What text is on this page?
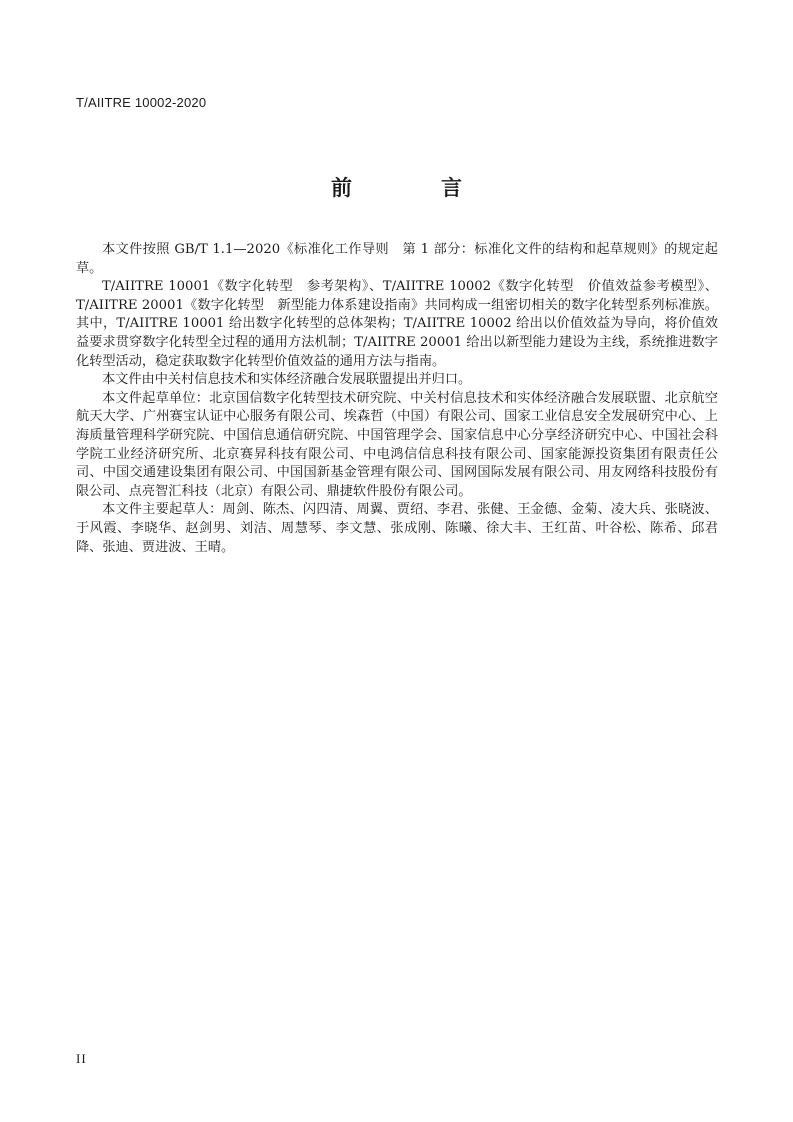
T/AIITRE 10002-2020
前　言

本文件按照 GB/T 1.1—2020《标准化工作导则　第 1 部分：标准化文件的结构和起草规则》的规定起草。

T/AIITRE 10001《数字化转型　参考架构》、T/AIITRE 10002《数字化转型　价值效益参考模型》、T/AIITRE 20001《数字化转型　新型能力体系建设指南》共同构成一组密切相关的数字化转型系列标准族。其中，T/AIITRE 10001 给出数字化转型的总体架构；T/AIITRE 10002 给出以价值效益为导向，将价值效益要求贯穿数字化转型全过程的通用方法机制；T/AIITRE 20001 给出以新型能力建设为主线，系统推进数字化转型活动，稳定获取数字化转型价值效益的通用方法与指南。

本文件由中关村信息技术和实体经济融合发展联盟提出并归口。

本文件起草单位：北京国信数字化转型技术研究院、中关村信息技术和实体经济融合发展联盟、北京航空航天大学、广州赛宝认证中心服务有限公司、埃森哲（中国）有限公司、国家工业信息安全发展研究中心、上海质量管理科学研究院、中国信息通信研究院、中国管理学会、国家信息中心分享经济研究中心、中国社会科学院工业经济研究所、北京赛昇科技有限公司、中电鸿信信息科技有限公司、国家能源投资集团有限责任公司、中国交通建设集团有限公司、中国国新基金管理有限公司、国网国际发展有限公司、用友网络科技股份有限公司、点亮智汇科技（北京）有限公司、鼎捷软件股份有限公司。

本文件主要起草人：周剑、陈杰、闪四清、周翼、贾绍、李君、张健、王金德、金菊、凌大兵、张晓波、于风霞、李晓华、赵剑男、刘洁、周慧琴、李文慧、张成刚、陈曦、徐大丰、王红苗、叶谷松、陈希、邱君降、张迪、贾进波、王晴。

II
